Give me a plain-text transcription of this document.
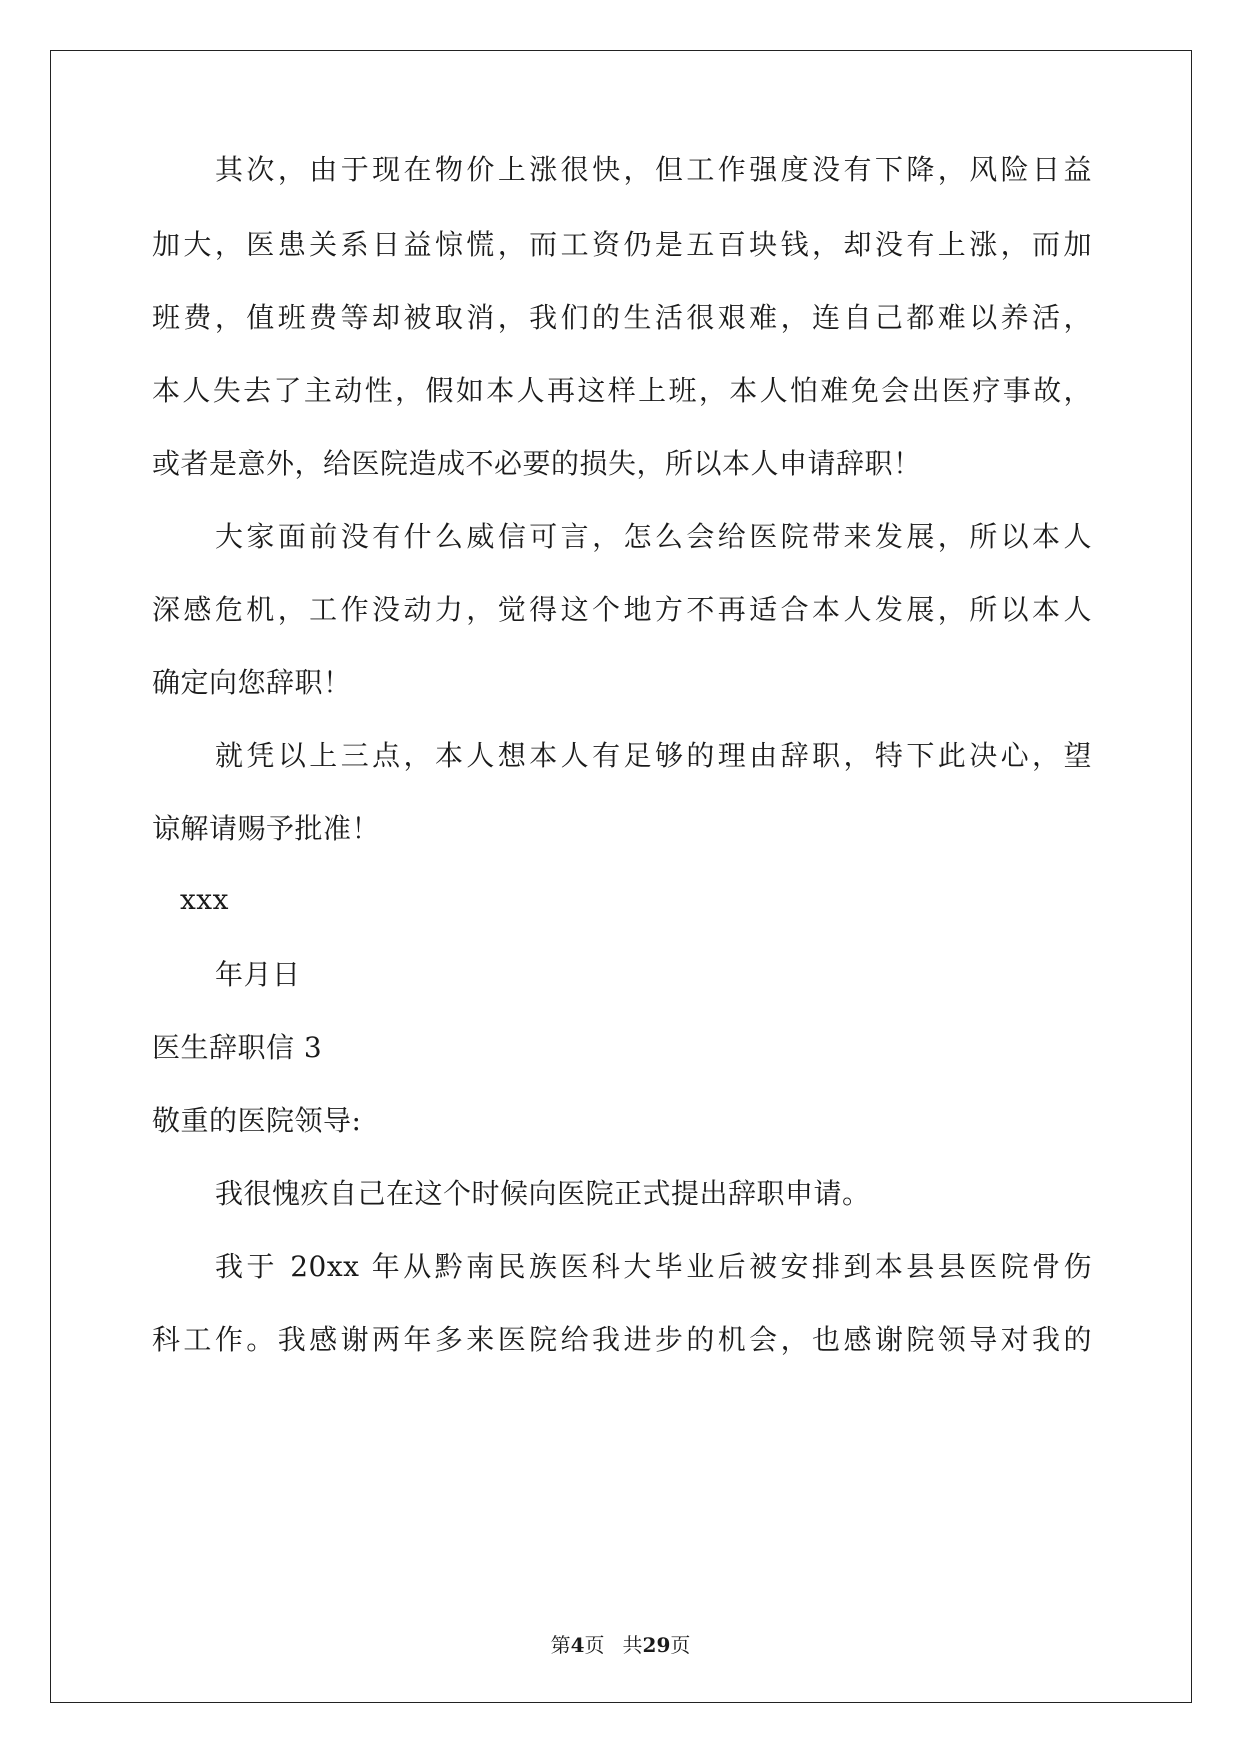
其次，由于现在物价上涨很快，但工作强度没有下降，风险日益
加大，医患关系日益惊慌，而工资仍是五百块钱，却没有上涨，而加
班费，值班费等却被取消，我们的生活很艰难，连自己都难以养活，
本人失去了主动性，假如本人再这样上班，本人怕难免会出医疗事故，
或者是意外，给医院造成不必要的损失，所以本人申请辞职！
大家面前没有什么威信可言，怎么会给医院带来发展，所以本人
深感危机，工作没动力，觉得这个地方不再适合本人发展，所以本人
确定向您辞职！
就凭以上三点，本人想本人有足够的理由辞职，特下此决心，望
谅解请赐予批准！
xxx
年月日
医生辞职信 3
敬重的医院领导:
我很愧疚自己在这个时候向医院正式提出辞职申请。
我于 20xx 年从黔南民族医科大毕业后被安排到本县县医院骨伤
科工作。我感谢两年多来医院给我进步的机会，也感谢院领导对我的
第4页 共29页
